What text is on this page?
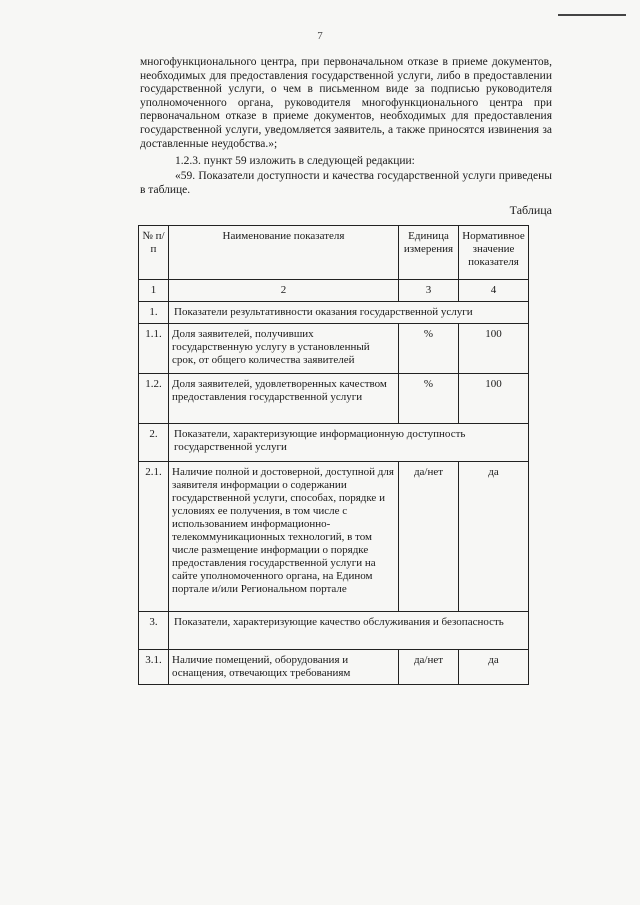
7
многофункционального центра, при первоначальном отказе в приеме документов, необходимых для предоставления государственной услуги, либо в предоставлении государственной услуги, о чем в письменном виде за подписью руководителя уполномоченного органа, руководителя многофункционального центра при первоначальном отказе в приеме документов, необходимых для предоставления государственной услуги, уведомляется заявитель, а также приносятся извинения за доставленные неудобства.»;
1.2.3. пункт 59 изложить в следующей редакции:
«59. Показатели доступности и качества государственной услуги приведены в таблице.
Таблица
№ п/п	Наименование показателя	Единица измерения	Нормативное значение показателя
1	2	3	4
1.	Показатели результативности оказания государственной услуги		
1.1.	Доля заявителей, получивших государственную услугу в установленный срок, от общего количества заявителей	%	100
1.2.	Доля заявителей, удовлетворенных качеством предоставления государственной услуги	%	100
2.	Показатели, характеризующие информационную доступность государственной услуги		
2.1.	Наличие полной и достоверной, доступной для заявителя информации о содержании государственной услуги, способах, порядке и условиях ее получения, в том числе с использованием информационно-телекоммуникационных технологий, в том числе размещение информации о порядке предоставления государственной услуги на сайте уполномоченного органа, на Едином портале и/или Региональном портале	да/нет	да
3.	Показатели, характеризующие качество обслуживания и безопасность		
3.1.	Наличие помещений, оборудования и оснащения, отвечающих требованиям	да/нет	да
